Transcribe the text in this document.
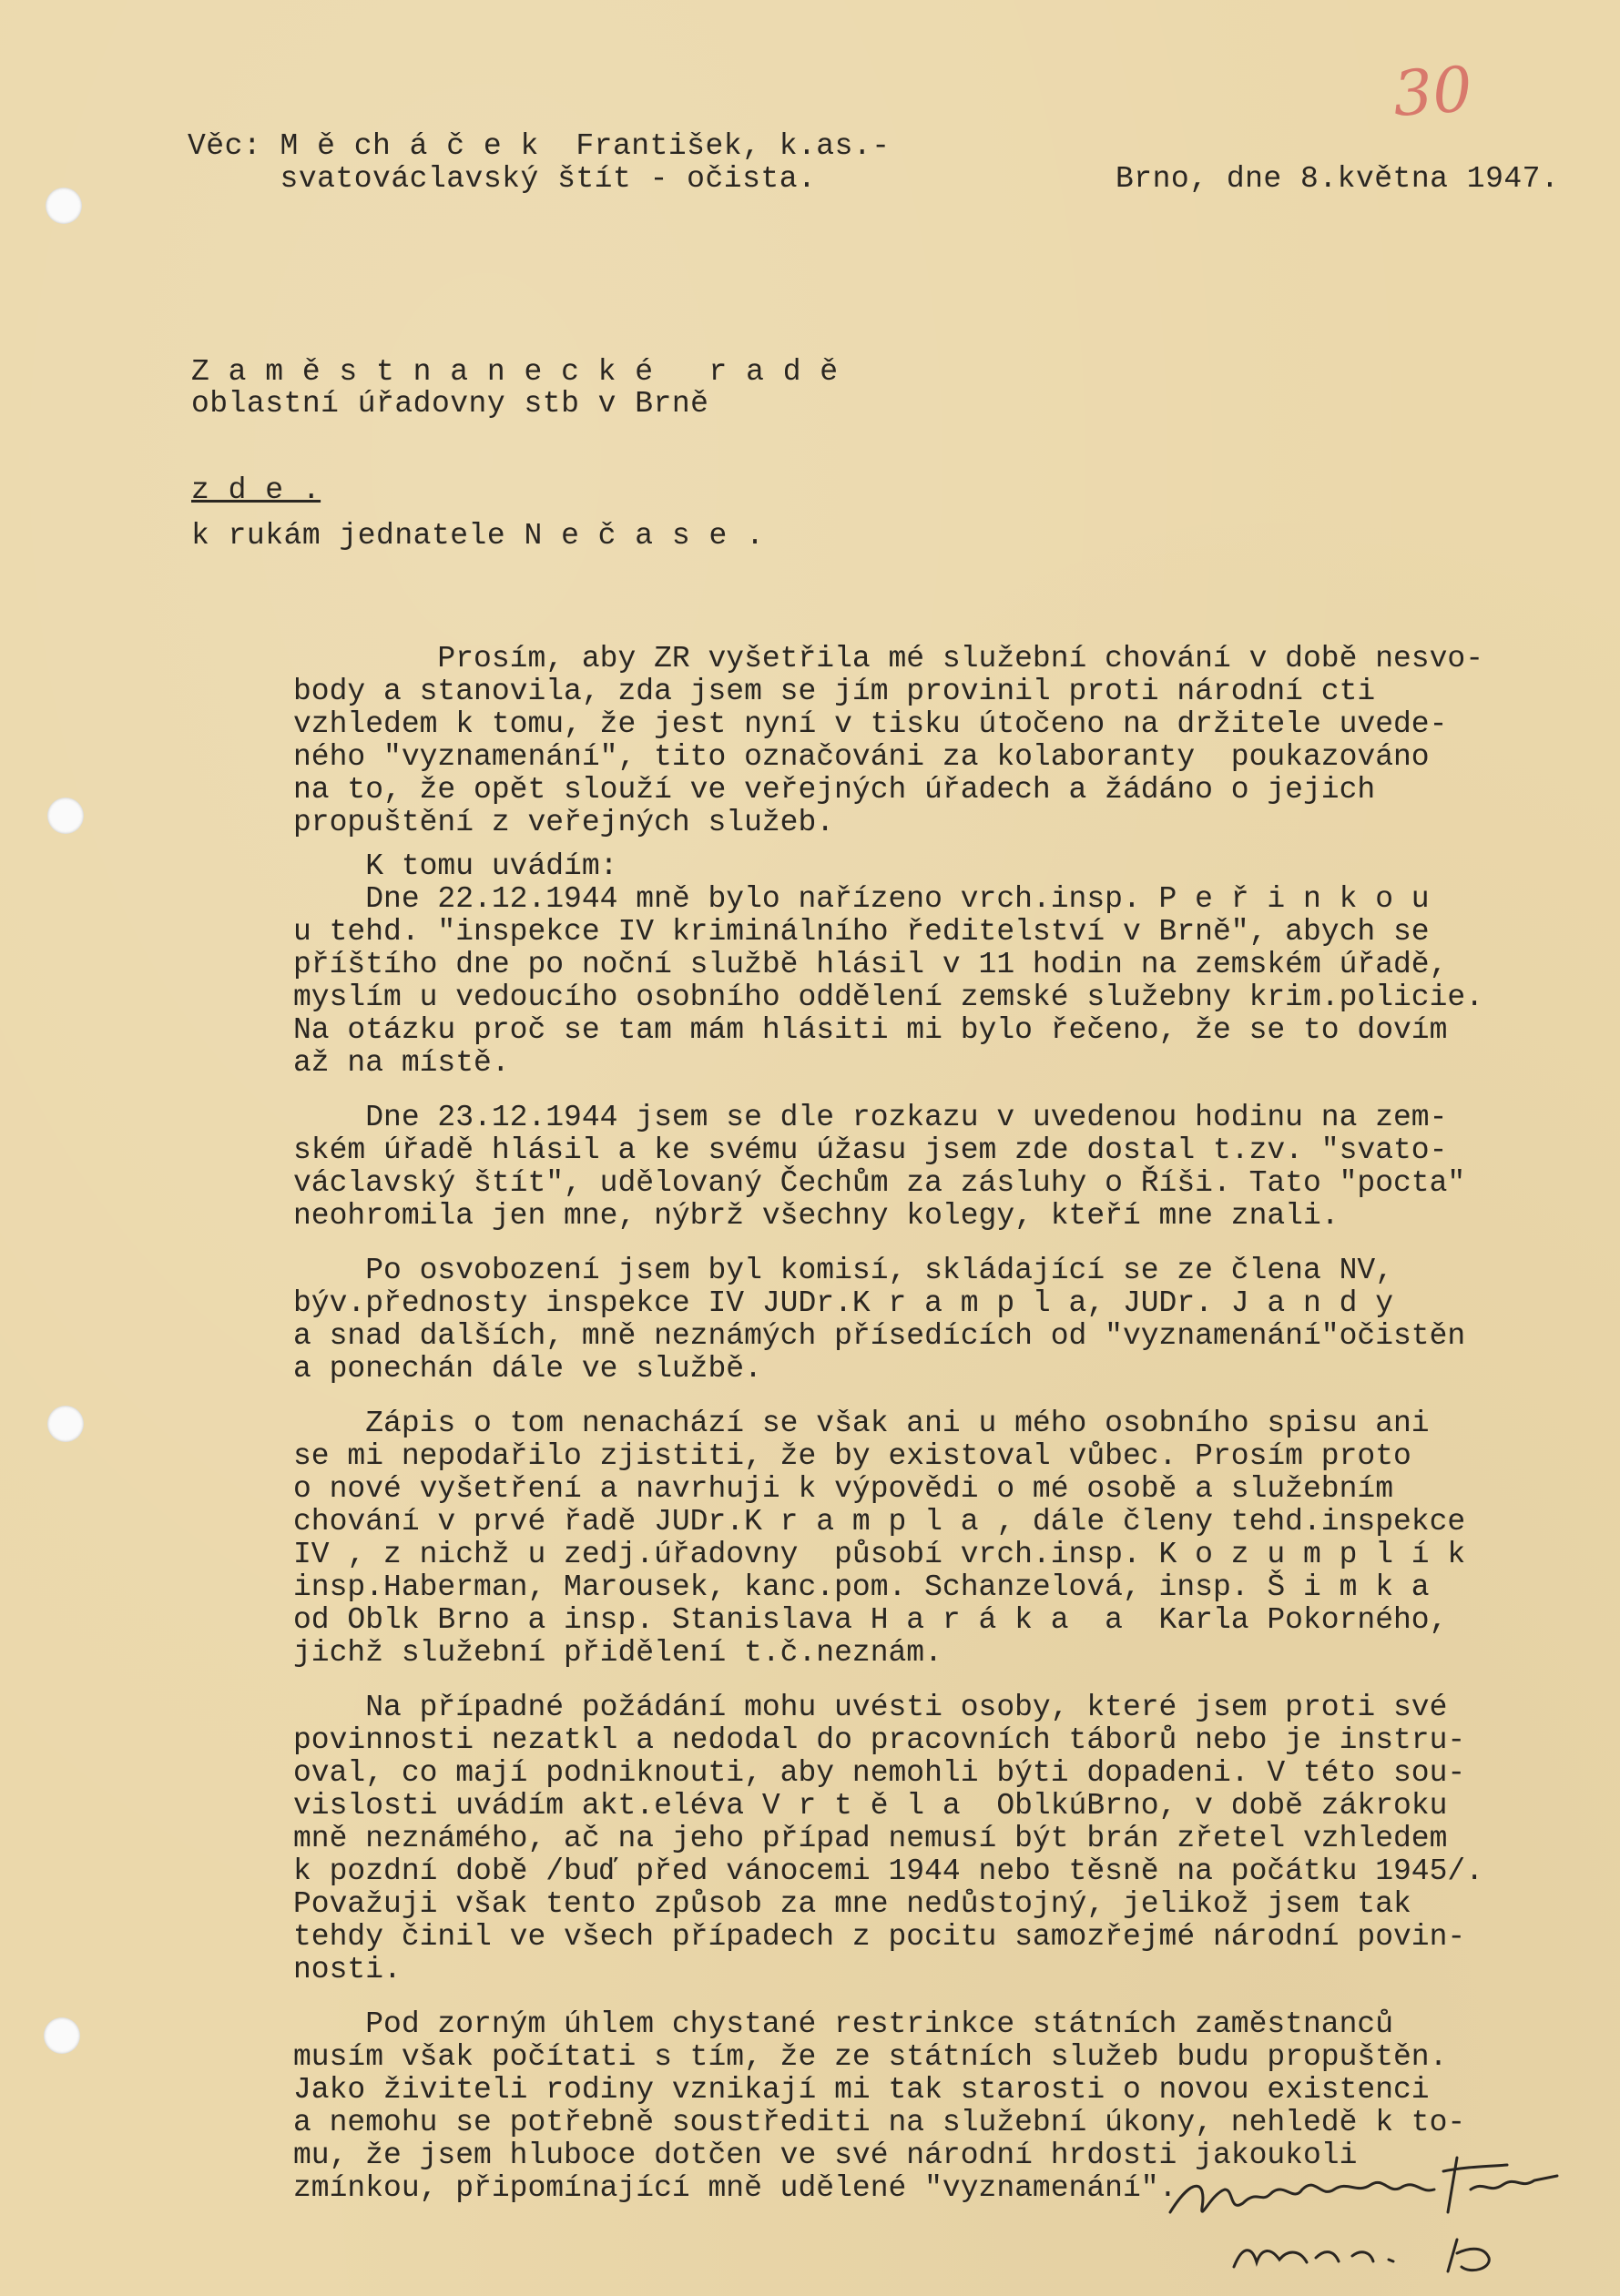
30
Věc: M ě ch á č e k  František, k.as.-
svatováclavský štít - očista.	Brno, dne 8.května 1947.
Z a m ě s t n a n e c k é   r a d ě
oblastní úřadovny stb v Brně
z d e .
k rukám jednatele N e č a s e .

Prosím, aby ZR vyšetřila mé služební chování v době nesvo-
body a stanovila, zda jsem se jím provinil proti národní cti
vzhledem k tomu, že jest nyní v tisku útočeno na držitele uvede-
ného "vyznamenání", tito označováni za kolaboranty  poukazováno
na to, že opět slouží ve veřejných úřadech a žádáno o jejich
propuštění z veřejných služeb.

K tomu uvádím:
Dne 22.12.1944 mně bylo nařízeno vrch.insp. P e ř i n k o u
u tehd. "inspekce IV kriminálního ředitelství v Brně", abych se
příštího dne po noční službě hlásil v 11 hodin na zemském úřadě,
myslím u vedoucího osobního oddělení zemské služebny krim.policie.
Na otázku proč se tam mám hlásiti mi bylo řečeno, že se to dovím
až na místě.

Dne 23.12.1944 jsem se dle rozkazu v uvedenou hodinu na zem-
ském úřadě hlásil a ke svému úžasu jsem zde dostal t.zv. "svato-
václavský štít", udělovaný Čechům za zásluhy o Říši. Tato "pocta"
neohromila jen mne, nýbrž všechny kolegy, kteří mne znali.

Po osvobození jsem byl komisí, skládající se ze člena NV,
býv.přednosty inspekce IV JUDr.K r a m p l a, JUDr. J a n d y
a snad dalších, mně neznámých přísedících od "vyznamenání"očistěn
a ponechán dále ve službě.

Zápis o tom nenachází se však ani u mého osobního spisu ani
se mi nepodařilo zjistiti, že by existoval vůbec. Prosím proto
o nové vyšetření a navrhuji k výpovědi o mé osobě a služebním
chování v prvé řadě JUDr.K r a m p l a , dále členy tehd.inspekce
IV , z nichž u zedj.úřadovny  působí vrch.insp. K o z u m p l í k
insp.Haberman, Marousek, kanc.pom. Schanzelová, insp. Š i m k a
od Oblk Brno a insp. Stanislava H a r á k a  a  Karla Pokorného,
jichž služební přidělení t.č.neznám.

Na případné požádání mohu uvésti osoby, které jsem proti své
povinnosti nezatkl a nedodal do pracovních táborů nebo je instru-
oval, co mají podniknouti, aby nemohli býti dopadeni. V této sou-
vislosti uvádím akt.eléva V r t ě l a  OblkúBrno, v době zákroku
mně neznámého, ač na jeho případ nemusí být brán zřetel vzhledem
k pozdní době /buď před vánocemi 1944 nebo těsně na počátku 1945/.
Považuji však tento způsob za mne nedůstojný, jelikož jsem tak
tehdy činil ve všech případech z pocitu samozřejmé národní povin-
nosti.

Pod zorným úhlem chystané restrinkce státních zaměstnanců
musím však počítati s tím, že ze státních služeb budu propuštěn.
Jako živiteli rodiny vznikají mi tak starosti o novou existenci
a nemohu se potřebně soustřediti na služební úkony, nehledě k to-
mu, že jsem hluboce dotčen ve své národní hrdosti jakoukoli
zmínkou, připomínající mně udělené "vyznamenání".
